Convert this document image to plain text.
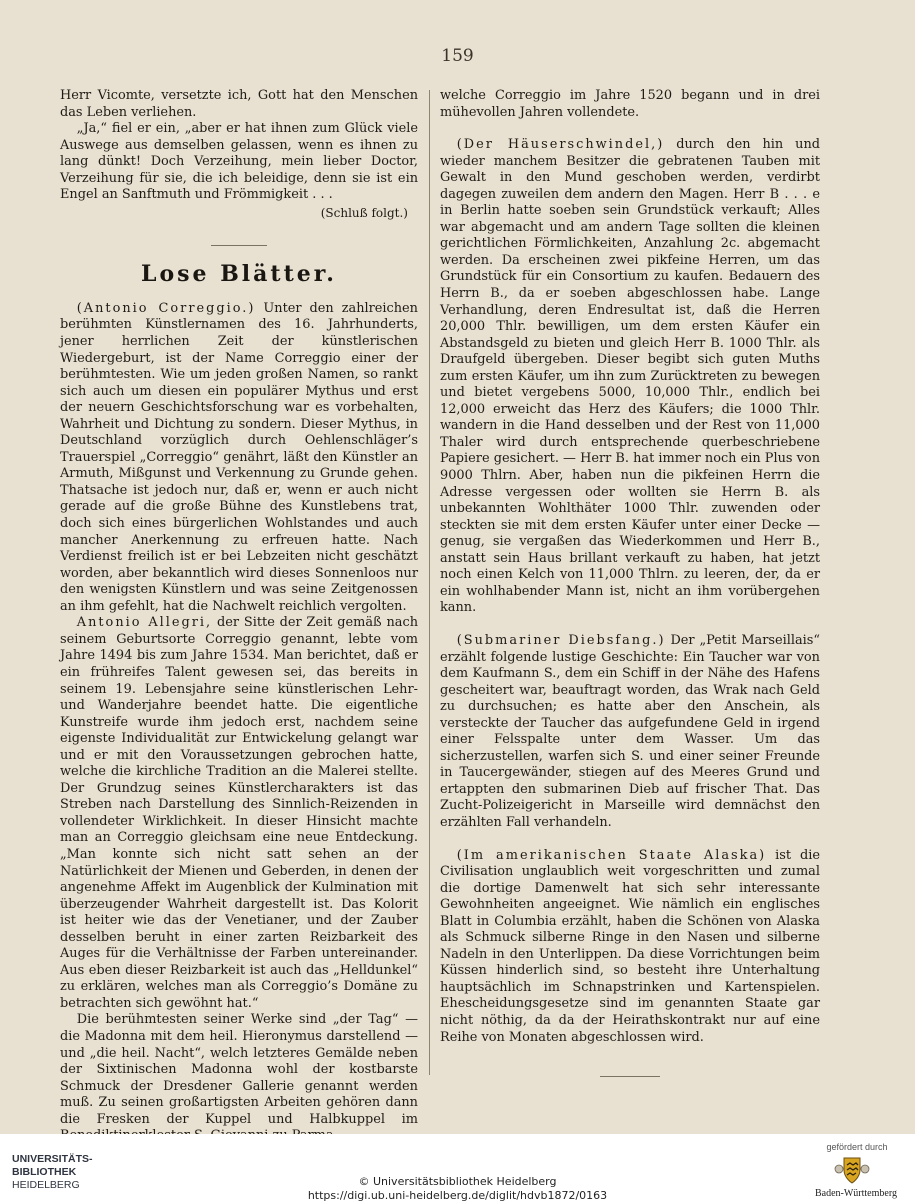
159

Herr Vicomte, versetzte ich, Gott hat den Menschen das Leben verliehen.

„Ja,“ fiel er ein, „aber er hat ihnen zum Glück viele Auswege aus demselben gelassen, wenn es ihnen zu lang dünkt! Doch Verzeihung, mein lieber Doctor, Verzeihung für sie, die ich beleidige, denn sie ist ein Engel an Sanftmuth und Frömmigkeit . . .

(Schluß folgt.)

Lose Blätter.

(Antonio Correggio.) Unter den zahlreichen berühmten Künstlernamen des 16. Jahrhunderts, jener herrlichen Zeit der künstlerischen Wiedergeburt, ist der Name Correggio einer der berühmtesten. Wie um jeden großen Namen, so rankt sich auch um diesen ein populärer Mythus und erst der neuern Geschichtsforschung war es vorbehalten, Wahrheit und Dichtung zu sondern. Dieser Mythus, in Deutschland vorzüglich durch Oehlenschläger’s Trauerspiel „Correggio“ genährt, läßt den Künstler an Armuth, Mißgunst und Verkennung zu Grunde gehen. Thatsache ist jedoch nur, daß er, wenn er auch nicht gerade auf die große Bühne des Kunstlebens trat, doch sich eines bürgerlichen Wohlstandes und auch mancher Anerkennung zu erfreuen hatte. Nach Verdienst freilich ist er bei Lebzeiten nicht geschätzt worden, aber bekanntlich wird dieses Sonnenloos nur den wenigsten Künstlern und was seine Zeitgenossen an ihm gefehlt, hat die Nachwelt reichlich vergolten.

Antonio Allegri, der Sitte der Zeit gemäß nach seinem Geburtsorte Correggio genannt, lebte vom Jahre 1494 bis zum Jahre 1534. Man berichtet, daß er ein frühreifes Talent gewesen sei, das bereits in seinem 19. Lebensjahre seine künstlerischen Lehr- und Wanderjahre beendet hatte. Die eigentliche Kunstreife wurde ihm jedoch erst, nachdem seine eigenste Individualität zur Entwickelung gelangt war und er mit den Voraussetzungen gebrochen hatte, welche die kirchliche Tradition an die Malerei stellte. Der Grundzug seines Künstlercharakters ist das Streben nach Darstellung des Sinnlich-Reizenden in vollendeter Wirklichkeit. In dieser Hinsicht machte man an Correggio gleichsam eine neue Entdeckung. „Man konnte sich nicht satt sehen an der Natürlichkeit der Mienen und Geberden, in denen der angenehme Affekt im Augenblick der Kulmination mit überzeugender Wahrheit dargestellt ist. Das Kolorit ist heiter wie das der Venetianer, und der Zauber desselben beruht in einer zarten Reizbarkeit des Auges für die Verhältnisse der Farben untereinander. Aus eben dieser Reizbarkeit ist auch das „Helldunkel“ zu erklären, welches man als Correggio’s Domäne zu betrachten sich gewöhnt hat.“

Die berühmtesten seiner Werke sind „der Tag“ — die Madonna mit dem heil. Hieronymus darstellend — und „die heil. Nacht“, welch letzteres Gemälde neben der Sixtinischen Madonna wohl der kostbarste Schmuck der Dresdener Gallerie genannt werden muß. Zu seinen großartigsten Arbeiten gehören dann die Fresken der Kuppel und Halbkuppel im

welche Correggio im Jahre 1520 begann und in drei mühevollen Jahren vollendete.

(Der Häuserschwindel,) durch den hin und wieder manchem Besitzer die gebratenen Tauben mit Gewalt in den Mund geschoben werden, verdirbt dagegen zuweilen dem andern den Magen. Herr B . . . e in Berlin hatte soeben sein Grundstück verkauft; Alles war abgemacht und am andern Tage sollten die kleinen gerichtlichen Förmlichkeiten, Anzahlung 2c. abgemacht werden. Da erscheinen zwei pikfeine Herren, um das Grundstück für ein Consortium zu kaufen. Bedauern des Herrn B., da er soeben abgeschlossen habe. Lange Verhandlung, deren Endresultat ist, daß die Herren 20,000 Thlr. bewilligen, um dem ersten Käufer ein Abstandsgeld zu bieten und gleich Herr B. 1000 Thlr. als Draufgeld übergeben. Dieser begibt sich guten Muths zum ersten Käufer, um ihn zum Zurücktreten zu bewegen und bietet vergebens 5000, 10,000 Thlr., endlich bei 12,000 erweicht das Herz des Käufers; die 1000 Thlr. wandern in die Hand desselben und der Rest von 11,000 Thaler wird durch entsprechende querbeschriebene Papiere gesichert. — Herr B. hat immer noch ein Plus von 9000 Thlrn. Aber, haben nun die pikfeinen Herrn die Adresse vergessen oder wollten sie Herrn B. als unbekannten Wohlthäter 1000 Thlr. zuwenden oder steckten sie mit dem ersten Käufer unter einer Decke — genug, sie vergaßen das Wiederkommen und Herr B., anstatt sein Haus brillant verkauft zu haben, hat jetzt noch einen Kelch von 11,000 Thlrn. zu leeren, der, da er ein wohlhabender Mann ist, nicht an ihm vorübergehen kann.

(Submariner Diebsfang.) Der „Petit Marseillais“ erzählt folgende lustige Geschichte: Ein Taucher war von dem Kaufmann S., dem ein Schiff in der Nähe des Hafens gescheitert war, beauftragt worden, das Wrak nach Geld zu durchsuchen; es hatte aber den Anschein, als versteckte der Taucher das aufgefundene Geld in irgend einer Felsspalte unter dem Wasser. Um das sicherzustellen, warfen sich S. und einer seiner Freunde in Taucergewänder, stiegen auf des Meeres Grund und ertappten den submarinen Dieb auf frischer That. Das Zucht-Polizeigericht in Marseille wird demnächst den erzählten Fall verhandeln.

(Im amerikanischen Staate Alaska) ist die Civilisation unglaublich weit vorgeschritten und zumal die dortige Damenwelt hat sich sehr interessante Gewohnheiten angeeignet. Wie nämlich ein englisches Blatt in Columbia erzählt, haben die Schönen von Alaska als Schmuck silberne Ringe in den Nasen und silberne Nadeln in den Unterlippen. Da diese Vorrichtungen beim Küssen hinderlich sind, so besteht ihre Unterhaltung hauptsächlich im Schnapstrinken und Kartenspielen. Ehescheidungsgesetze sind im genannten Staate gar nicht nöthig, da da der Heirathskontrakt nur auf eine Reihe von Monaten abgeschlossen wird.

UNIVERSITÄTS-
BIBLIOTHEK
HEIDELBERG	© Universitätsbibliothek Heidelberg
https://digi.ub.uni-heidelberg.de/diglit/hdvb1872/0163
gefördert durch
Baden-Württemberg
